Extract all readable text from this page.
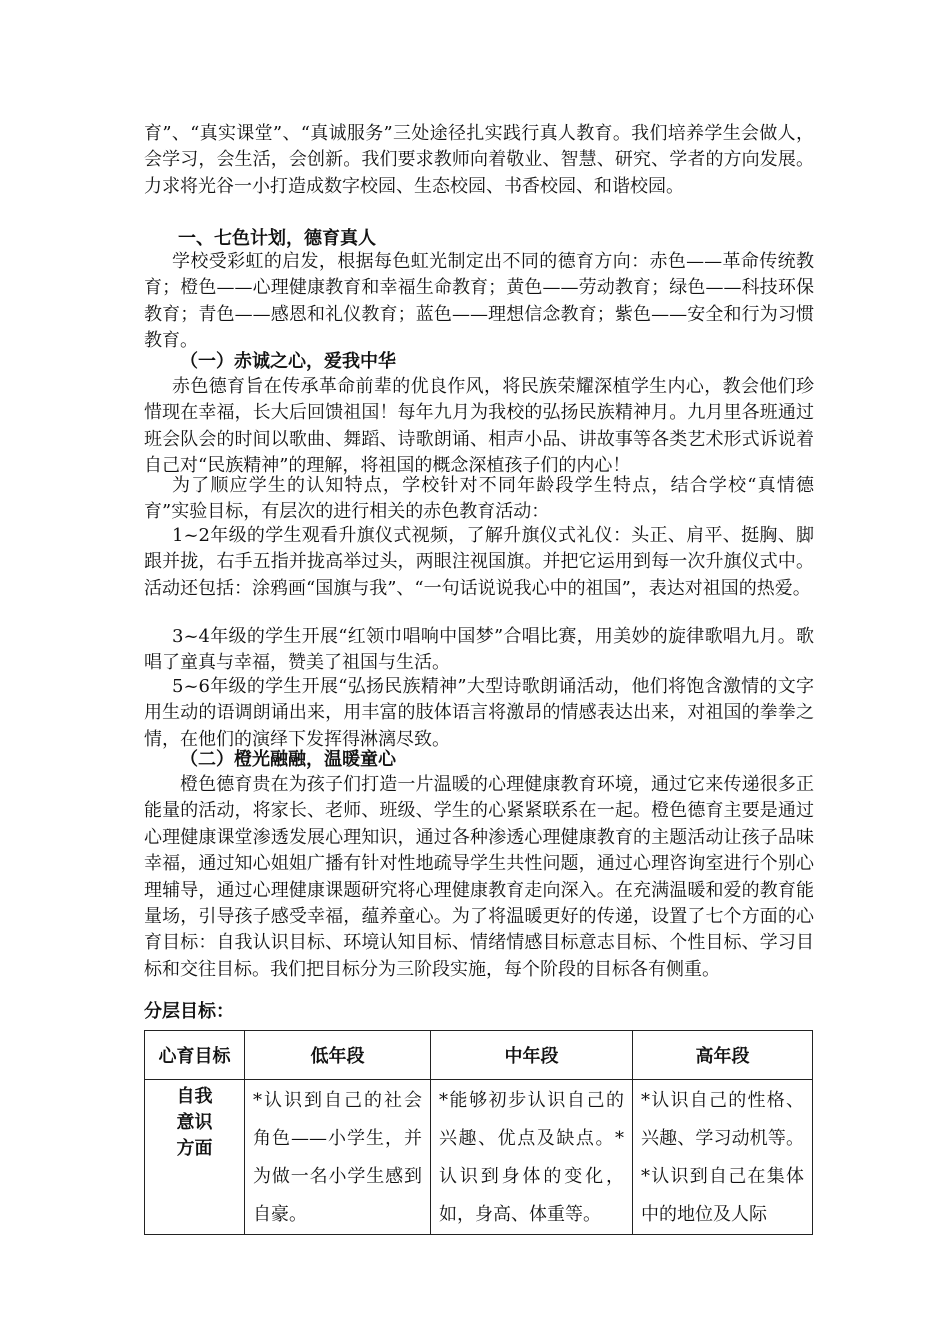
育”、“真实课堂”、“真诚服务”三处途径扎实践行真人教育。我们培养学生会做人，会学习，会生活，会创新。我们要求教师向着敬业、智慧、研究、学者的方向发展。力求将光谷一小打造成数字校园、生态校园、书香校园、和谐校园。

一、七色计划，德育真人

学校受彩虹的启发，根据每色虹光制定出不同的德育方向：赤色——革命传统教育；橙色——心理健康教育和幸福生命教育；黄色——劳动教育；绿色——科技环保教育；青色——感恩和礼仪教育；蓝色——理想信念教育；紫色——安全和行为习惯教育。

（一）赤诚之心，爱我中华

赤色德育旨在传承革命前辈的优良作风，将民族荣耀深植学生内心，教会他们珍惜现在幸福，长大后回馈祖国！每年九月为我校的弘扬民族精神月。九月里各班通过班会队会的时间以歌曲、舞蹈、诗歌朗诵、相声小品、讲故事等各类艺术形式诉说着自己对“民族精神”的理解，将祖国的概念深植孩子们的内心！

为了顺应学生的认知特点，学校针对不同年龄段学生特点，结合学校“真情德育”实验目标，有层次的进行相关的赤色教育活动：

1~2年级的学生观看升旗仪式视频，了解升旗仪式礼仪：头正、肩平、挺胸、脚跟并拢，右手五指并拢高举过头，两眼注视国旗。并把它运用到每一次升旗仪式中。活动还包括：涂鸦画“国旗与我”、“一句话说说我心中的祖国”，表达对祖国的热爱。

3~4年级的学生开展“红领巾唱响中国梦”合唱比赛，用美妙的旋律歌唱九月。歌唱了童真与幸福，赞美了祖国与生活。

5~6年级的学生开展“弘扬民族精神”大型诗歌朗诵活动，他们将饱含激情的文字用生动的语调朗诵出来，用丰富的肢体语言将激昂的情感表达出来，对祖国的拳拳之情，在他们的演绎下发挥得淋漓尽致。

（二）橙光融融，温暖童心

橙色德育贵在为孩子们打造一片温暖的心理健康教育环境，通过它来传递很多正能量的活动，将家长、老师、班级、学生的心紧紧联系在一起。橙色德育主要是通过心理健康课堂渗透发展心理知识，通过各种渗透心理健康教育的主题活动让孩子品味幸福，通过知心姐姐广播有针对性地疏导学生共性问题，通过心理咨询室进行个别心理辅导，通过心理健康课题研究将心理健康教育走向深入。在充满温暖和爱的教育能量场，引导孩子感受幸福，蕴养童心。为了将温暖更好的传递，设置了七个方面的心育目标：自我认识目标、环境认知目标、情绪情感目标意志目标、个性目标、学习目标和交往目标。我们把目标分为三阶段实施，每个阶段的目标各有侧重。

分层目标：
心育目标	低年段	中年段	高年段

自我意识方面	*认识到自己的社会角色——小学生，并为做一名小学生感到自豪。	*能够初步认识自己的兴趣、优点及缺点。*认识到身体的变化，如，身高、体重等。	*认识自己的性格、兴趣、学习动机等。*认识到自己在集体中的地位及人际
